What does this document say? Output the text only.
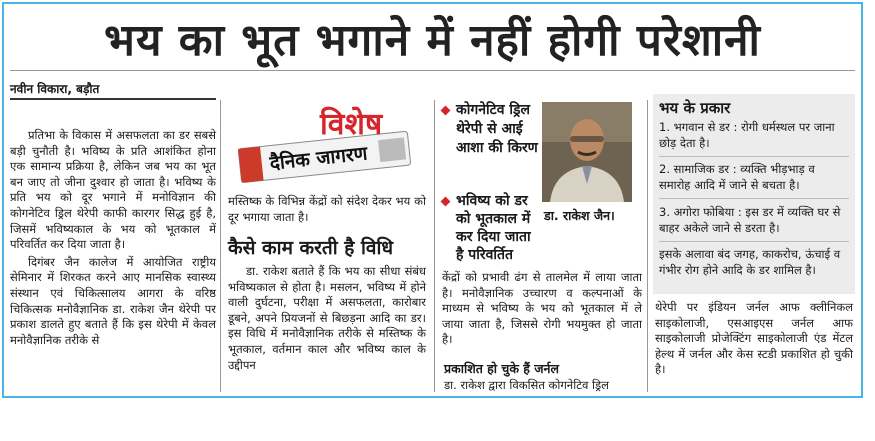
भय का भूत भगाने में नहीं होगी परेशानी
नवीन विकारा, बड़ौत

प्रतिभा के विकास में असफलता का डर सबसे बड़ी चुनौती है। भविष्य के प्रति आशंकित होना एक सामान्य प्रक्रिया है, लेकिन जब भय का भूत बन जाए तो जीना दुश्वार हो जाता है। भविष्य के प्रति भय को दूर भगाने में मनोविज्ञान की कोगनेटिव ड्रिल थेरेपी काफी कारगर सिद्ध हुई है, जिसमें भविष्यकाल के भय को भूतकाल में परिवर्तित कर दिया जाता है।

दिगंबर जैन कालेज में आयोजित राष्ट्रीय सेमिनार में शिरकत करने आए मानसिक स्वास्थ्य संस्थान एवं चिकित्सालय आगरा के वरिष्ठ चिकित्सक मनोवैज्ञानिक डा. राकेश जैन थेरेपी पर प्रकाश डालते हुए बताते हैं कि इस थेरेपी में केवल मनोवैज्ञानिक तरीके से

दैनिक जागरण
विशेष

मस्तिष्क के विभिन्न केंद्रों को संदेश देकर भय को दूर भगाया जाता है।

कैसे काम करती है विधि

डा. राकेश बताते हैं कि भय का सीधा संबंध भविष्यकाल से होता है। मसलन, भविष्य में होने वाली दुर्घटना, परीक्षा में असफलता, कारोबार डूबने, अपने प्रियजनों से बिछड़ना आदि का डर। इस विधि में मनोवैज्ञानिक तरीके से मस्तिष्क के भूतकाल, वर्तमान काल और भविष्य काल के उद्दीपन

कोगनेटिव ड्रिल थेरेपी से आई आशा की किरण
भविष्य को डर को भूतकाल में कर दिया जाता है परिवर्तित
डा. राकेश जैन।

केंद्रों को प्रभावी ढंग से तालमेल में लाया जाता है। मनोवैज्ञानिक उच्चारण व कल्पनाओं के माध्यम से भविष्य के भय को भूतकाल में ले जाया जाता है, जिससे रोगी भयमुक्त हो जाता है।

प्रकाशित हो चुके हैं जर्नल

डा. राकेश द्वारा विकसित कोगनेटिव ड्रिल

भय के प्रकार
1. भगवान से डर : रोगी धर्मस्थल पर जाना छोड़ देता है।
2. सामाजिक डर : व्यक्ति भीड़भाड़ व समारोह आदि में जाने से बचता है।
3. अगोरा फोबिया : इस डर में व्यक्ति घर से बाहर अकेले जाने से डरता है।
इसके अलावा बंद जगह, काकरोच, ऊंचाई व गंभीर रोग होने आदि के डर शामिल है।

थेरेपी पर इंडियन जर्नल आफ क्लीनिकल साइकोलाजी, एसआइएस जर्नल आफ साइकोलाजी प्रोजेक्टिंग साइकोलाजी एंड मेंटल हेल्थ में जर्नल और केस स्टडी प्रकाशित हो चुकी है।
